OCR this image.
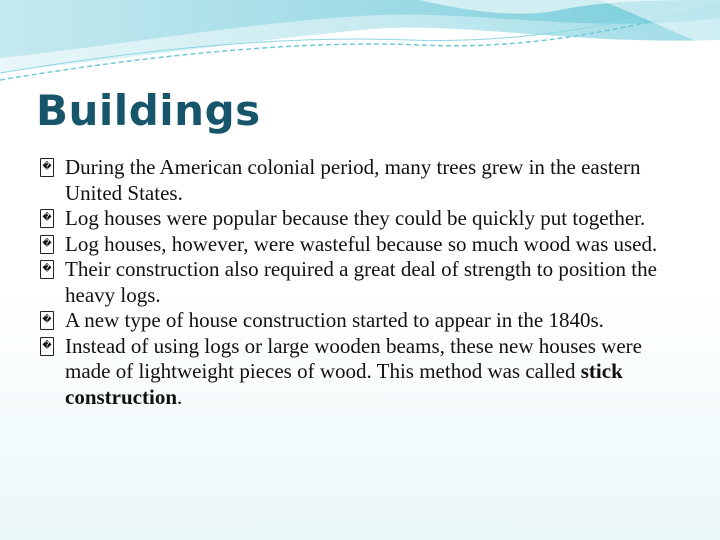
Buildings
� During the American colonial period, many trees grew in the eastern United States.
� Log houses were popular because they could be quickly put together.
� Log houses, however, were wasteful because so much wood was used.
� Their construction also required a great deal of strength to position the heavy logs.
� A new type of house construction started to appear in the 1840s.
� Instead of using logs or large wooden beams, these new houses were made of lightweight pieces of wood. This method was called stick construction.
